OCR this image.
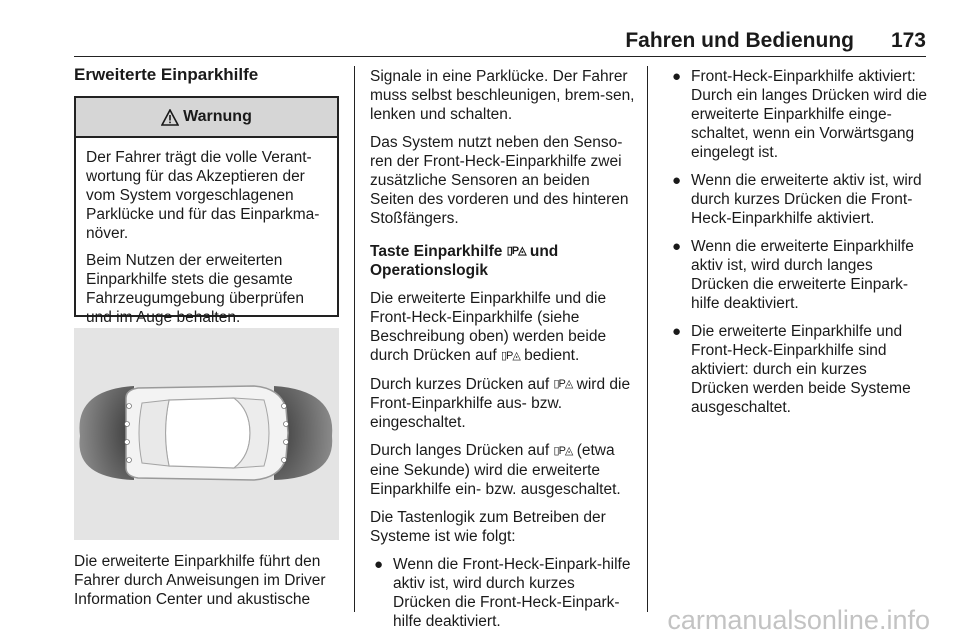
Fahren und Bedienung 173
Erweiterte Einparkhilfe
Warnung

Der Fahrer trägt die volle Verant-wortung für das Akzeptieren der vom System vorgeschlagenen Parklücke und für das Einparkma-növer.

Beim Nutzen der erweiterten Einparkhilfe stets die gesamte Fahrzeugumgebung überprüfen und im Auge behalten.

Die erweiterte Einparkhilfe führt den Fahrer durch Anweisungen im Driver Information Center und akustische

Signale in eine Parklücke. Der Fahrer muss selbst beschleunigen, brem-sen, lenken und schalten.

Das System nutzt neben den Senso-ren der Front-Heck-Einparkhilfe zwei zusätzliche Sensoren an beiden Seiten des vorderen und des hinteren Stoßfängers.

Taste Einparkhilfe ▯P◬ und Operationslogik

Die erweiterte Einparkhilfe und die Front-Heck-Einparkhilfe (siehe Beschreibung oben) werden beide durch Drücken auf ▯P◬ bedient.

Durch kurzes Drücken auf ▯P◬ wird die Front-Einparkhilfe aus- bzw. eingeschaltet.

Durch langes Drücken auf ▯P◬ (etwa eine Sekunde) wird die erweiterte Einparkhilfe ein- bzw. ausgeschaltet.

Die Tastenlogik zum Betreiben der Systeme ist wie folgt:

● Wenn die Front-Heck-Einpark-hilfe aktiv ist, wird durch kurzes Drücken die Front-Heck-Einpark-hilfe deaktiviert.
● Front-Heck-Einparkhilfe aktiviert: Durch ein langes Drücken wird die erweiterte Einparkhilfe einge-schaltet, wenn ein Vorwärtsgang eingelegt ist.
● Wenn die erweiterte aktiv ist, wird durch kurzes Drücken die Front-Heck-Einparkhilfe aktiviert.
● Wenn die erweiterte Einparkhilfe aktiv ist, wird durch langes Drücken die erweiterte Einpark-hilfe deaktiviert.
● Die erweiterte Einparkhilfe und Front-Heck-Einparkhilfe sind aktiviert: durch ein kurzes Drücken werden beide Systeme ausgeschaltet.
carmanualsonline.info
